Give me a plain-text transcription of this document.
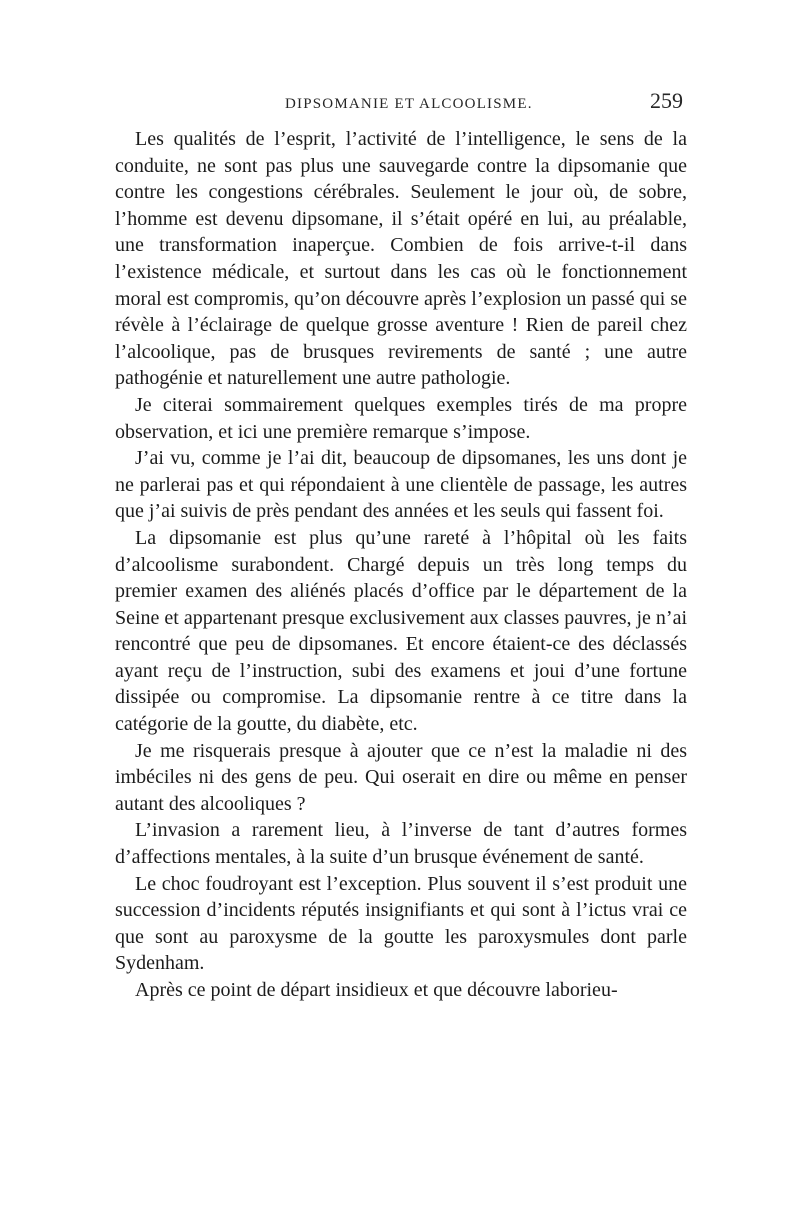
DIPSOMANIE ET ALCOOLISME.	259

Les qualités de l’esprit, l’activité de l’intelligence, le sens de la conduite, ne sont pas plus une sauvegarde contre la dipsomanie que contre les congestions cérébrales. Seulement le jour où, de sobre, l’homme est devenu dipsomane, il s’était opéré en lui, au préalable, une transformation inaperçue. Combien de fois arrive-t-il dans l’existence médicale, et surtout dans les cas où le fonctionnement moral est compromis, qu’on découvre après l’explosion un passé qui se révèle à l’éclairage de quelque grosse aventure ! Rien de pareil chez l’alcoolique, pas de brusques revirements de santé ; une autre pathogénie et naturellement une autre pathologie.

Je citerai sommairement quelques exemples tirés de ma propre observation, et ici une première remarque s’impose.

J’ai vu, comme je l’ai dit, beaucoup de dipsomanes, les uns dont je ne parlerai pas et qui répondaient à une clientèle de passage, les autres que j’ai suivis de près pendant des années et les seuls qui fassent foi.

La dipsomanie est plus qu’une rareté à l’hôpital où les faits d’alcoolisme surabondent. Chargé depuis un très long temps du premier examen des aliénés placés d’office par le département de la Seine et appartenant presque exclusivement aux classes pauvres, je n’ai rencontré que peu de dipsomanes. Et encore étaient-ce des déclassés ayant reçu de l’instruction, subi des examens et joui d’une fortune dissipée ou compromise. La dipsomanie rentre à ce titre dans la catégorie de la goutte, du diabète, etc.

Je me risquerais presque à ajouter que ce n’est la maladie ni des imbéciles ni des gens de peu. Qui oserait en dire ou même en penser autant des alcooliques ?

L’invasion a rarement lieu, à l’inverse de tant d’autres formes d’affections mentales, à la suite d’un brusque événement de santé.

Le choc foudroyant est l’exception. Plus souvent il s’est produit une succession d’incidents réputés insignifiants et qui sont à l’ictus vrai ce que sont au paroxysme de la goutte les paroxysmules dont parle Sydenham.

Après ce point de départ insidieux et que découvre laborieu-
